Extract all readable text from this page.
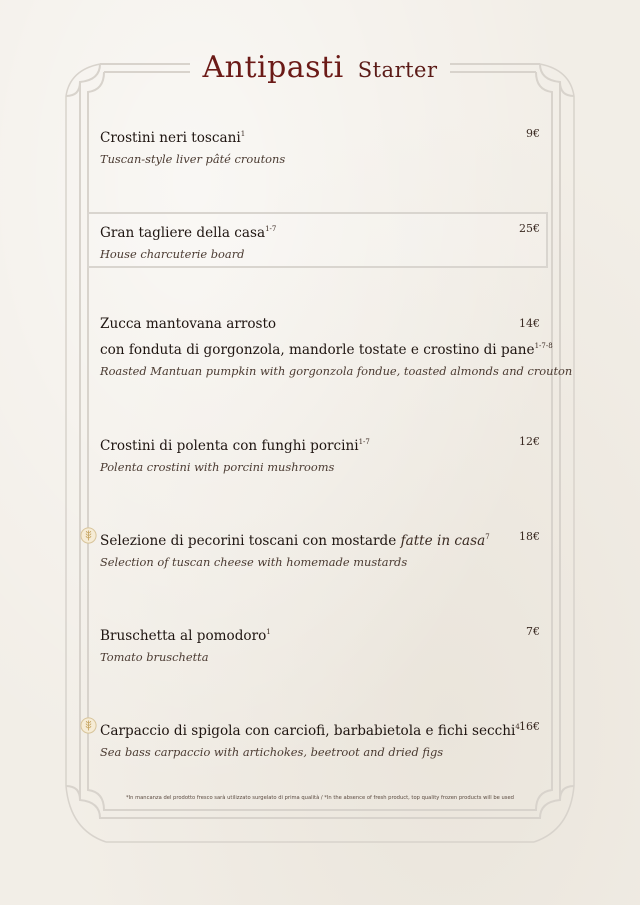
Antipasti Starter
Crostini neri toscani$^1$	9€
Tuscan-style liver pâté croutons
Gran tagliere della casa$^{1-7}$	25€
House charcuterie board
Zucca mantovana arrosto
con fonduta di gorgonzola, mandorle tostate e crostino di pane$^{1-7-8}$
14€
Roasted Mantuan pumpkin with gorgonzola fondue, toasted almonds and crouton
Crostini di polenta con funghi porcini$^{1-7}$	12€
Polenta crostini with porcini mushrooms
Selezione di pecorini toscani con mostarde fatte in casa$^7$	18€
Selection of tuscan cheese with homemade mustards
Bruschetta al pomodoro$^1$	7€
Tomato bruschetta
Carpaccio di spigola con carciofi, barbabietola e fichi secchi$^4$ 16€
Sea bass carpaccio with artichokes, beetroot and dried figs
*In mancanza del prodotto fresco sarà utilizzato surgelato di prima qualità / *In the absence of fresh product, top quality frozen products will be used
